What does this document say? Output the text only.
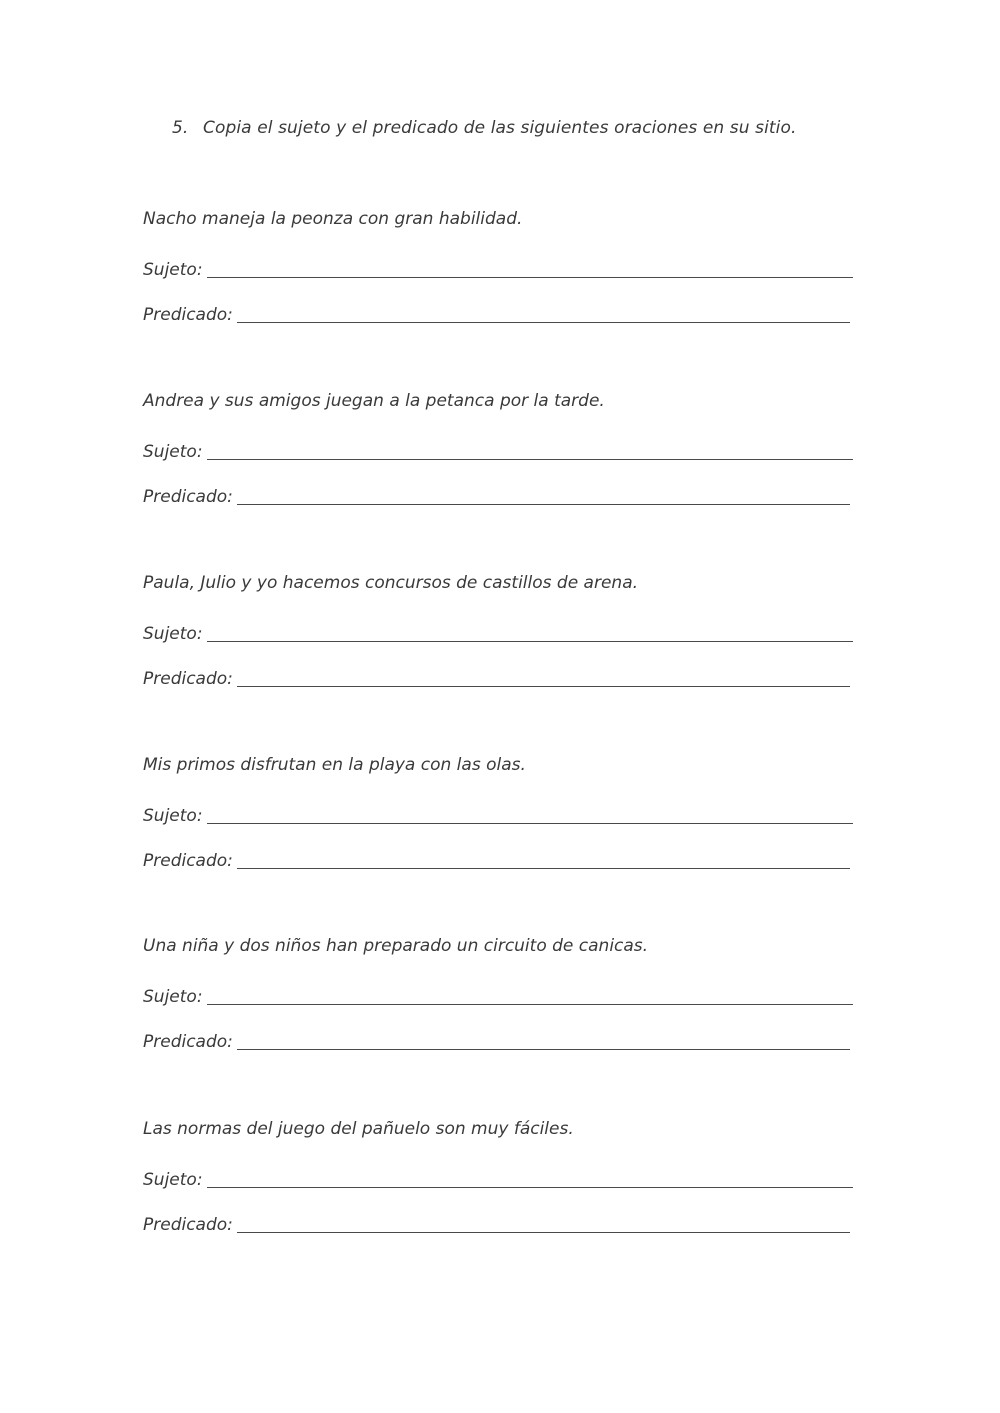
5. Copia el sujeto y el predicado de las siguientes oraciones en su sitio.
Nacho maneja la peonza con gran habilidad.
Sujeto:
Predicado:
Andrea y sus amigos juegan a la petanca por la tarde.
Sujeto:
Predicado:
Paula, Julio y yo hacemos concursos de castillos de arena.
Sujeto:
Predicado:
Mis primos disfrutan en la playa con las olas.
Sujeto:
Predicado:
Una niña y dos niños han preparado un circuito de canicas.
Sujeto:
Predicado:
Las normas del juego del pañuelo son muy fáciles.
Sujeto:
Predicado:
